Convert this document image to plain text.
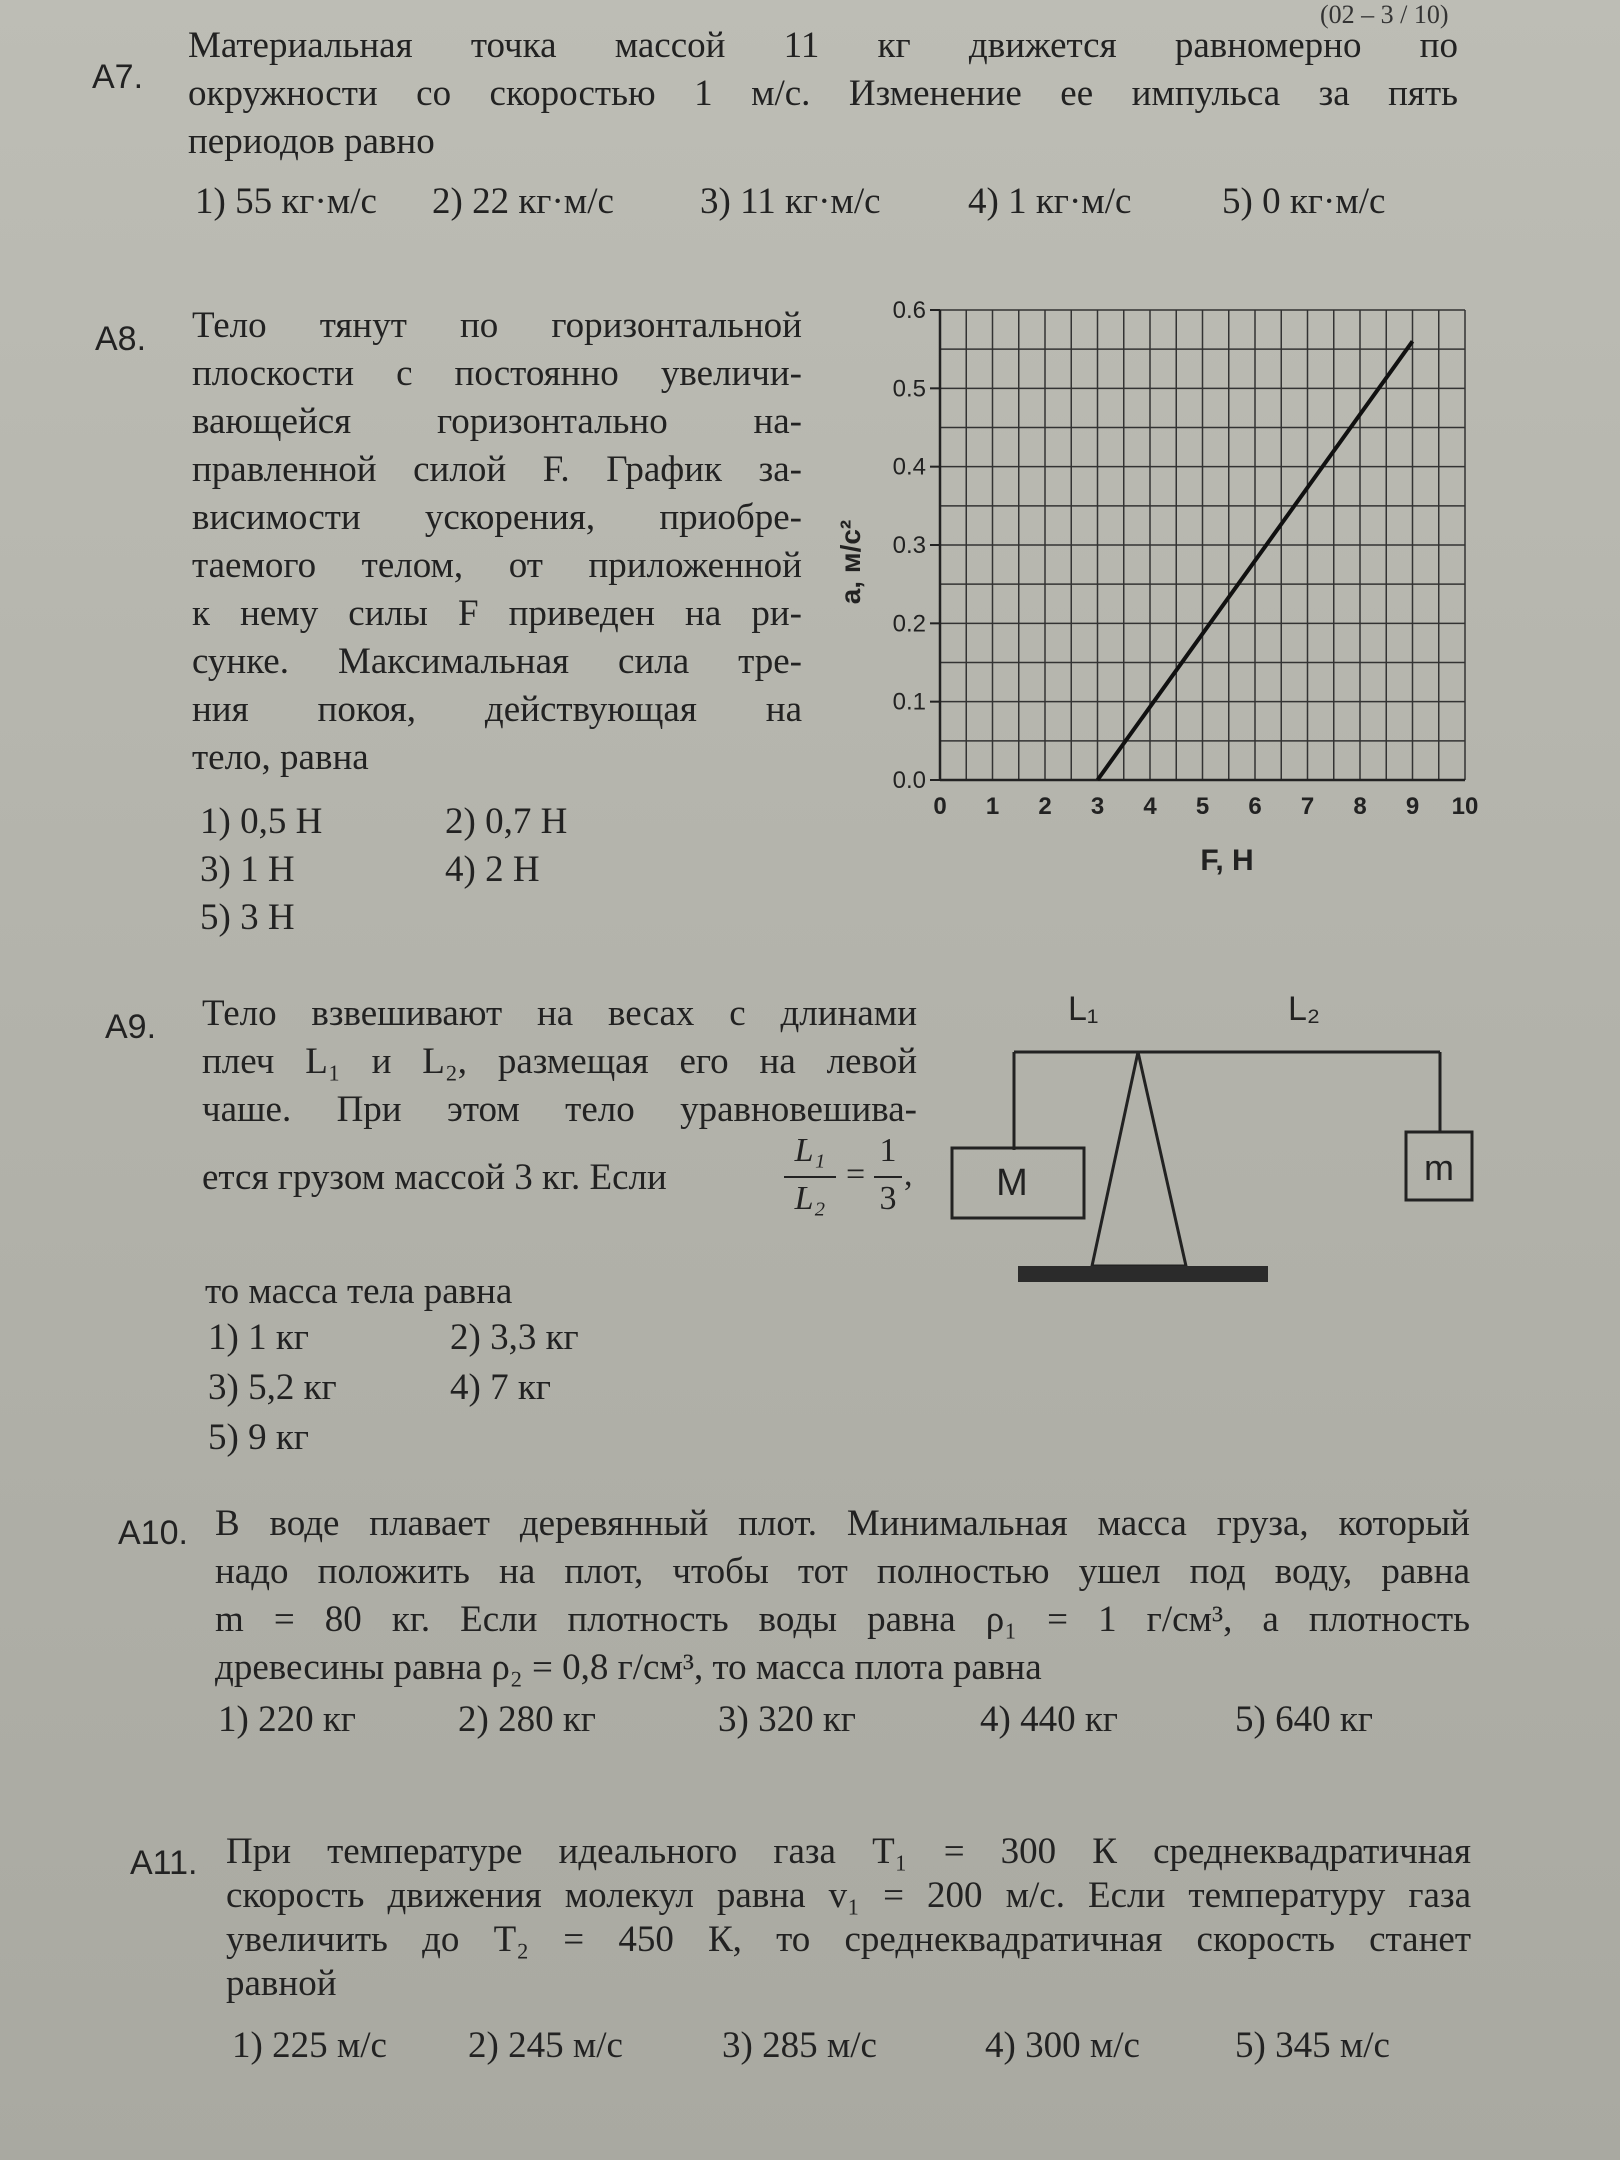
(02 – 3 / 10)
А7.
Материальная точка массой 11 кг движется равномерно по
окружности со скоростью 1 м/с. Изменение ее импульса за пять
периодов равно
1) 55 кг·м/с 2) 22 кг·м/с 3) 11 кг·м/с 4) 1 кг·м/с 5) 0 кг·м/с
А8. Тело тянут по горизонтальной
плоскости с постоянно увеличи-
вающейся горизонтально на-
правленной силой F. График за-
висимости ускорения, приобре-
таемого телом, от приложенной
к нему силы F приведен на ри-
сунке. Максимальная сила тре-
ния покоя, действующая на
тело, равна
1) 0,5 Н	2) 0,7 Н
3) 1 Н	4) 2 Н
5) 3 Н
0.0
0.1
0.2
0.3
0.4
0.5
0.6
0 1 2 3 4 5 6 7 8 9 10
F, H
a, м/с²
А9. Тело взвешивают на весах с длинами
плеч L₁ и L₂, размещая его на левой
чаше. При этом тело уравновешива-
ется грузом массой 3 кг. Если
L₁
L₂
=
1
3
,
то масса тела равна
1) 1 кг	2) 3,3 кг
3) 5,2 кг	4) 7 кг
5) 9 кг
L₁	L₂
M	m
А10. В воде плавает деревянный плот. Минимальная масса груза, который
надо положить на плот, чтобы тот полностью ушел под воду, равна
m = 80 кг. Если плотность воды равна ρ₁ = 1 г/см³, а плотность
древесины равна ρ₂ = 0,8 г/см³, то масса плота равна
1) 220 кг	2) 280 кг	3) 320 кг	4) 440 кг	5) 640 кг
А11. При температуре идеального газа T₁ = 300 К среднеквадратичная
скорость движения молекул равна v₁ = 200 м/с. Если температуру газа
увеличить до T₂ = 450 К, то среднеквадратичная скорость станет
равной
1) 225 м/с 2) 245 м/с	3) 285 м/с	4) 300 м/с	5) 345 м/с
